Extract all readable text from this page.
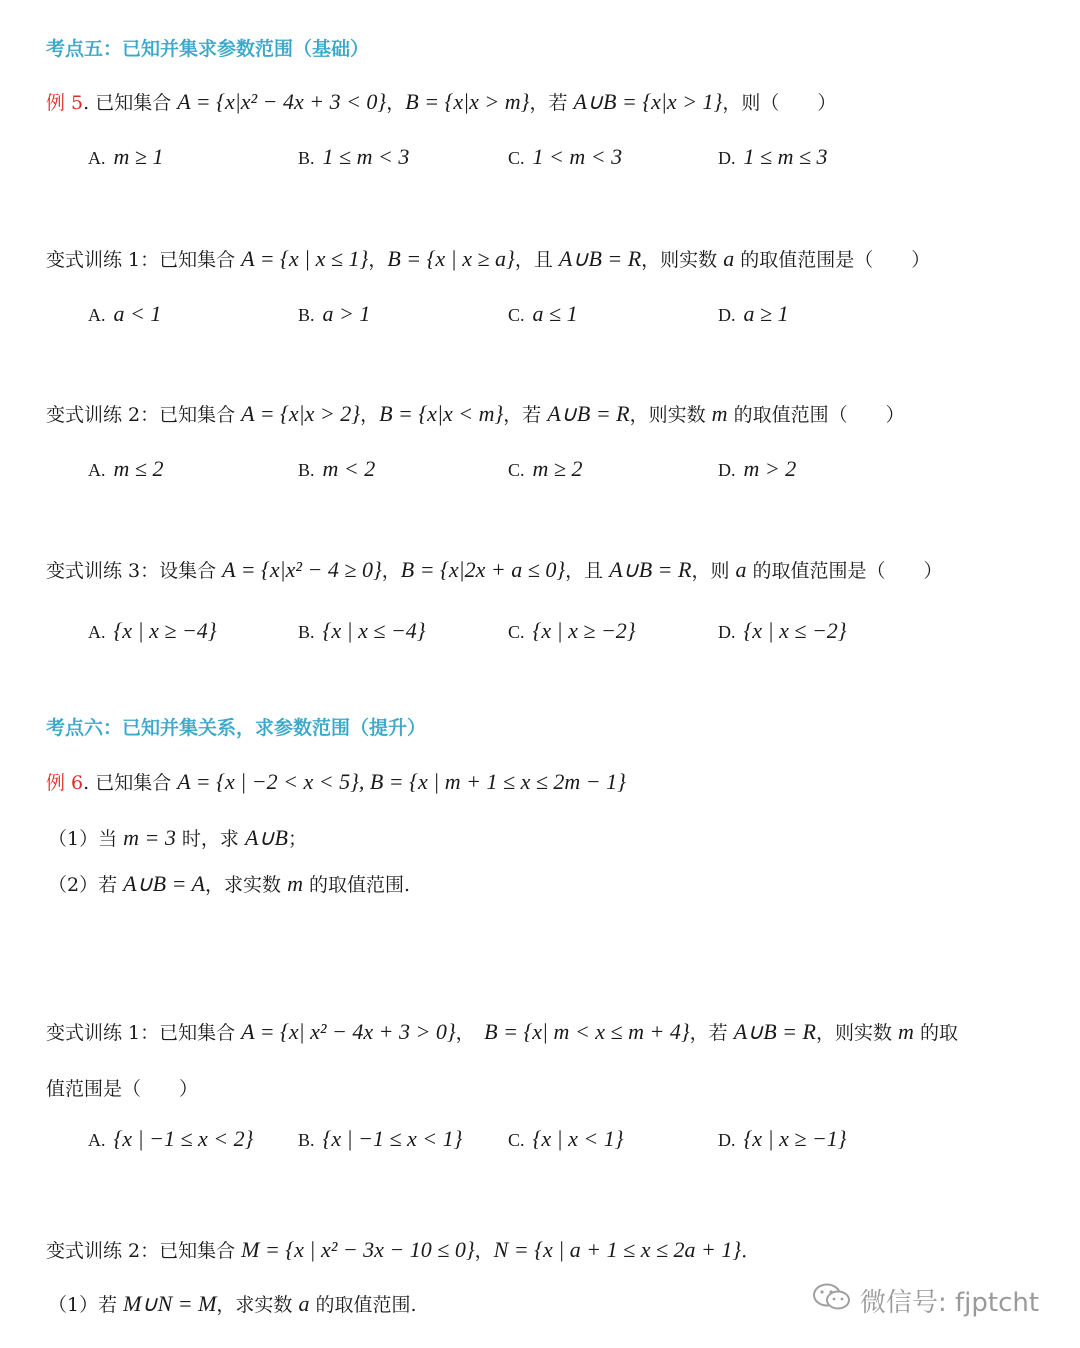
考点五：已知并集求参数范围（基础）
例 5. 已知集合 A = {x|x² − 4x + 3 < 0}，B = {x|x > m}，若 A∪B = {x|x > 1}，则（　　）
A. m ≥ 1	B. 1 ≤ m < 3	C. 1 < m < 3	D. 1 ≤ m ≤ 3
变式训练 1：已知集合 A = {x | x ≤ 1}，B = {x | x ≥ a}，且 A∪B = R，则实数 a 的取值范围是（　　）
A. a < 1	B. a > 1	C. a ≤ 1	D. a ≥ 1
变式训练 2：已知集合 A = {x|x > 2}，B = {x|x < m}，若 A∪B = R，则实数 m 的取值范围（　　）
A. m ≤ 2	B. m < 2	C. m ≥ 2	D. m > 2
变式训练 3：设集合 A = {x|x² − 4 ≥ 0}，B = {x|2x + a ≤ 0}，且 A∪B = R，则 a 的取值范围是（　　）
A. {x | x ≥ −4}	B. {x | x ≤ −4}	C. {x | x ≥ −2}	D. {x | x ≤ −2}
考点六：已知并集关系，求参数范围（提升）
例 6. 已知集合 A = {x | −2 < x < 5}, B = {x | m + 1 ≤ x ≤ 2m − 1}
（1）当 m = 3 时，求 A∪B；
（2）若 A∪B = A，求实数 m 的取值范围.
变式训练 1：已知集合 A = {x| x² − 4x + 3 > 0}，　B = {x| m < x ≤ m + 4}，若 A∪B = R，则实数 m 的取
值范围是（　　）
A. {x | −1 ≤ x < 2} B. {x | −1 ≤ x < 1}	C. {x | x < 1}	D. {x | x ≥ −1}
变式训练 2：已知集合 M = {x | x² − 3x − 10 ≤ 0}，N = {x | a + 1 ≤ x ≤ 2a + 1}．
（1）若 M∪N = M，求实数 a 的取值范围.	微信号: fjptcht
